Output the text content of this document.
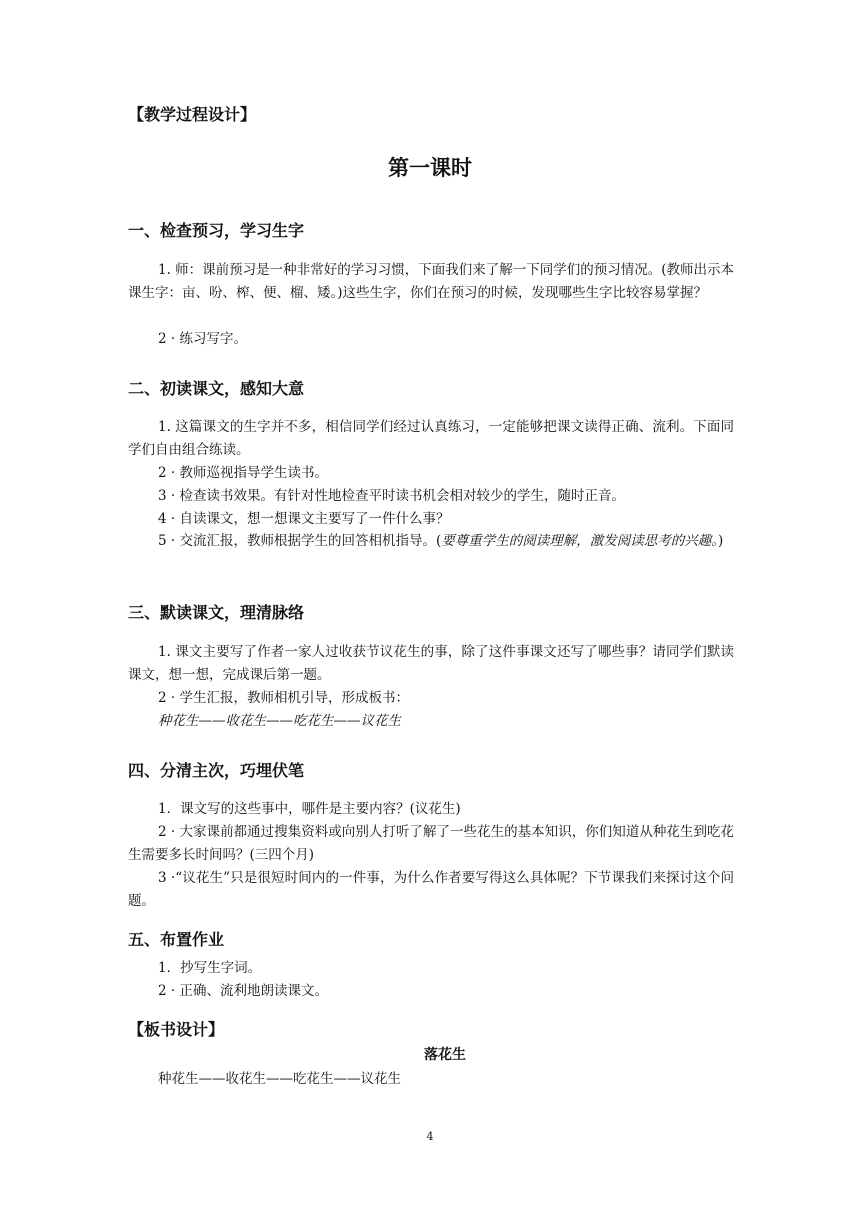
【教学过程设计】
第一课时
一、检查预习，学习生字
1. 师：课前预习是一种非常好的学习习惯，下面我们来了解一下同学们的预习情况。(教师出示本课生字：亩、吩、榨、便、榴、矮。)这些生字，你们在预习的时候，发现哪些生字比较容易掌握？
2 · 练习写字。
二、初读课文，感知大意
1. 这篇课文的生字并不多，相信同学们经过认真练习，一定能够把课文读得正确、流利。下面同学们自由组合练读。
2 · 教师巡视指导学生读书。
3 · 检查读书效果。有针对性地检查平时读书机会相对较少的学生，随时正音。
4 · 自读课文，想一想课文主要写了一件什么事？
5 · 交流汇报，教师根据学生的回答相机指导。(要尊重学生的阅读理解，激发阅读思考的兴趣。)
三、默读课文，理清脉络
1. 课文主要写了作者一家人过收获节议花生的事，除了这件事课文还写了哪些事？请同学们默读课文，想一想，完成课后第一题。
2 · 学生汇报，教师相机引导，形成板书：
种花生——收花生——吃花生——议花生
四、分清主次，巧埋伏笔
1．课文写的这些事中，哪件是主要内容？(议花生)
2 · 大家课前都通过搜集资料或向别人打听了解了一些花生的基本知识，你们知道从种花生到吃花生需要多长时间吗？(三四个月)
3 ·“议花生”只是很短时间内的一件事，为什么作者要写得这么具体呢？下节课我们来探讨这个问题。
五、布置作业
1．抄写生字词。
2 · 正确、流利地朗读课文。
【板书设计】
落花生
种花生——收花生——吃花生——议花生
4
